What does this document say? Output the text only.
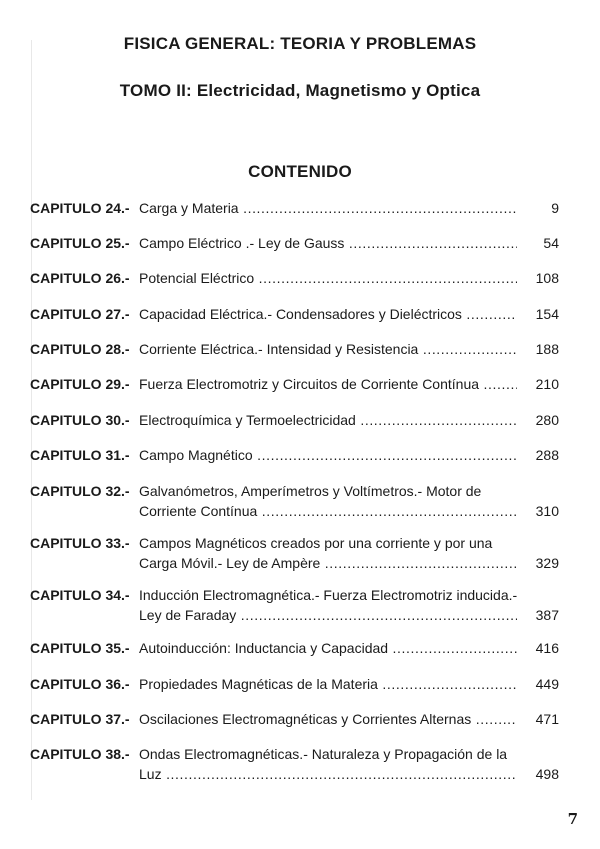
FISICA GENERAL: TEORIA Y PROBLEMAS
TOMO II: Electricidad, Magnetismo y Optica
CONTENIDO
CAPITULO 24.- Carga y Materia .....	9
CAPITULO 25.- Campo Eléctrico .- Ley de Gauss .....	54
CAPITULO 26.- Potencial Eléctrico .....	108
CAPITULO 27.- Capacidad Eléctrica.- Condensadores y Dieléctricos .....	154
CAPITULO 28.- Corriente Eléctrica.- Intensidad y Resistencia .....	188
CAPITULO 29.- Fuerza Electromotriz y Circuitos de Corriente Contínua .....	210
CAPITULO 30.- Electroquímica y Termoelectricidad .....	280
CAPITULO 31.- Campo Magnético .....	288
CAPITULO 32.- Galvanómetros, Amperímetros y Voltímetros.- Motor de
Corriente Contínua .....	310
CAPITULO 33.- Campos Magnéticos creados por una corriente y por una
Carga Móvil.- Ley de Ampère .....	329
CAPITULO 34.- Inducción Electromagnética.- Fuerza Electromotriz inducida.-
Ley de Faraday .....	387
CAPITULO 35.- Autoinducción: Inductancia y Capacidad .....	416
CAPITULO 36.- Propiedades Magnéticas de la Materia .....	449
CAPITULO 37.- Oscilaciones Electromagnéticas y Corrientes Alternas .....	471
CAPITULO 38.- Ondas Electromagnéticas.- Naturaleza y Propagación de la
Luz .....	498
7
